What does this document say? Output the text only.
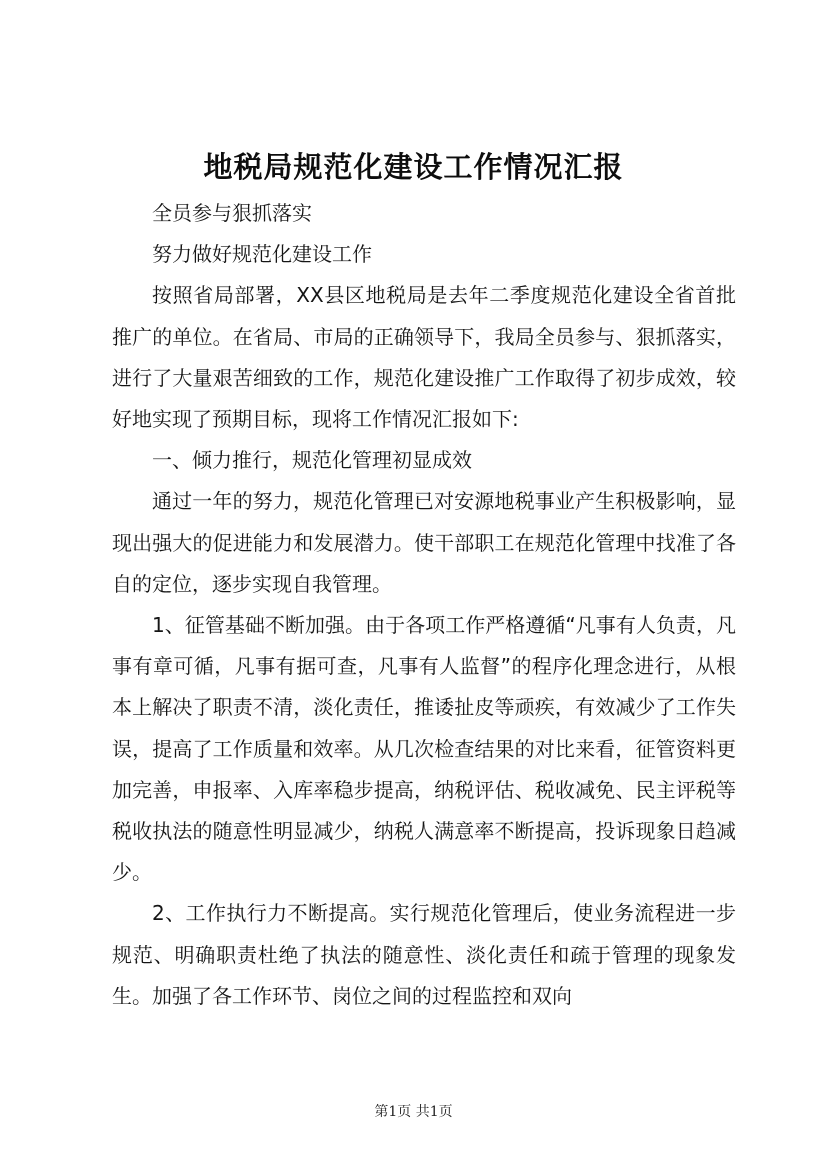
地税局规范化建设工作情况汇报

全员参与狠抓落实

努力做好规范化建设工作

按照省局部署，XX县区地税局是去年二季度规范化建设全省首批推广的单位。在省局、市局的正确领导下，我局全员参与、狠抓落实，进行了大量艰苦细致的工作，规范化建设推广工作取得了初步成效，较好地实现了预期目标，现将工作情况汇报如下:

一、倾力推行，规范化管理初显成效

通过一年的努力，规范化管理已对安源地税事业产生积极影响，显现出强大的促进能力和发展潜力。使干部职工在规范化管理中找准了各自的定位，逐步实现自我管理。

1、征管基础不断加强。由于各项工作严格遵循“凡事有人负责，凡事有章可循，凡事有据可查，凡事有人监督”的程序化理念进行，从根本上解决了职责不清，淡化责任，推诿扯皮等顽疾，有效减少了工作失误，提高了工作质量和效率。从几次检查结果的对比来看，征管资料更加完善，申报率、入库率稳步提高，纳税评估、税收减免、民主评税等税收执法的随意性明显减少，纳税人满意率不断提高，投诉现象日趋减少。

2、工作执行力不断提高。实行规范化管理后，使业务流程进一步规范、明确职责杜绝了执法的随意性、淡化责任和疏于管理的现象发生。加强了各工作环节、岗位之间的过程监控和双向

第1页 共1页
